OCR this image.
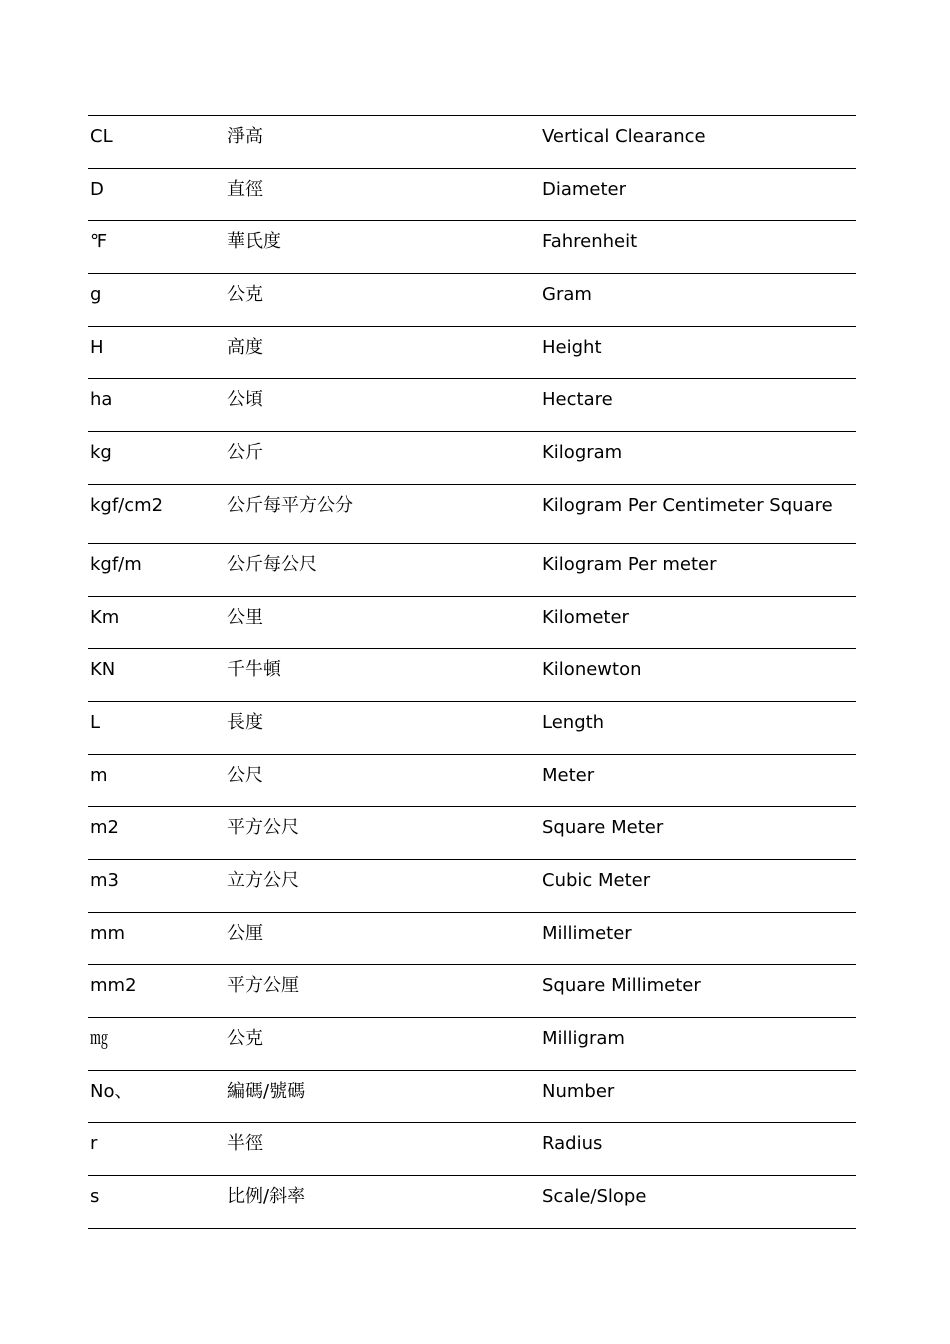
CL	淨高	Vertical Clearance
D	直徑	Diameter
℉	華氏度	Fahrenheit
g	公克	Gram
H	高度	Height
ha	公頃	Hectare
kg	公斤	Kilogram
kgf/cm2	公斤每平方公分	Kilogram Per Centimeter Square
kgf/m	公斤每公尺	Kilogram Per meter
Km	公里	Kilometer
KN	千牛頓	Kilonewton
L	長度	Length
m	公尺	Meter
m2	平方公尺	Square Meter
m3	立方公尺	Cubic Meter
mm	公厘	Millimeter
mm2	平方公厘	Square Millimeter
㎎	公克	Milligram
No、	編碼/號碼	Number
r	半徑	Radius
s	比例/斜率	Scale/Slope
